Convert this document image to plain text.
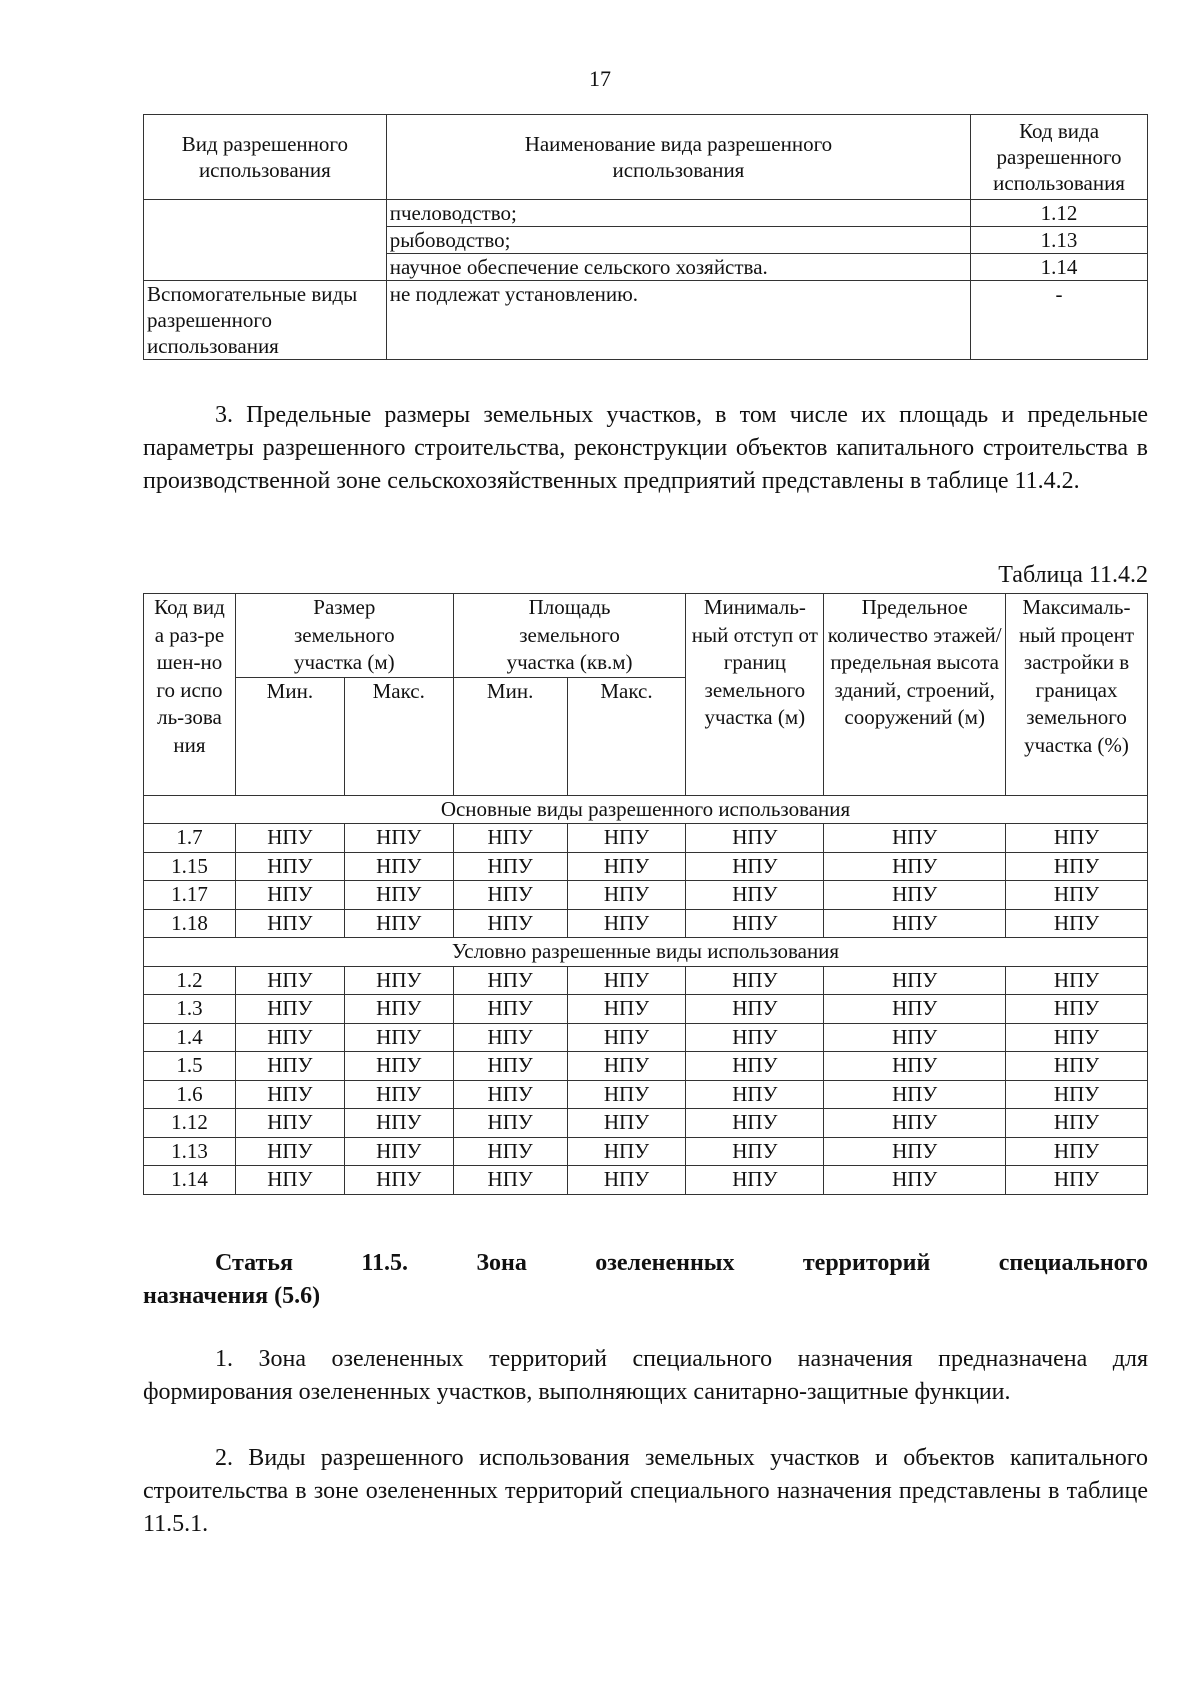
17
Вид разрешенного использования	Наименование вида разрешенного использования	Код вида разрешенного использования
	пчеловодство;	1.12
	рыбоводство;	1.13
	научное обеспечение сельского хозяйства.	1.14
Вспомогательные виды разрешенного использования	не подлежат установлению.	-

3. Предельные размеры земельных участков, в том числе их площадь и предельные параметры разрешенного строительства, реконструкции объектов капитального строительства в производственной зоне сельскохозяйственных предприятий представлены в таблице 11.4.2.

Таблица 11.4.2
Код вида раз-решен-ного исполь-зования	Размер земельного участка (м)		Площадь земельного участка (кв.м)		Минималь-ный отступ от границ земельного участка (м)	Предельное количество этажей/ предельная высота зданий, строений, сооружений (м)	Максималь-ный процент застройки в границах земельного участка (%)
	Мин.	Макс.	Мин.	Макс.			
Основные виды разрешенного использования							
1.7	НПУ	НПУ	НПУ	НПУ	НПУ	НПУ	НПУ
1.15	НПУ	НПУ	НПУ	НПУ	НПУ	НПУ	НПУ
1.17	НПУ	НПУ	НПУ	НПУ	НПУ	НПУ	НПУ
1.18	НПУ	НПУ	НПУ	НПУ	НПУ	НПУ	НПУ
Условно разрешенные виды использования							
1.2	НПУ	НПУ	НПУ	НПУ	НПУ	НПУ	НПУ
1.3	НПУ	НПУ	НПУ	НПУ	НПУ	НПУ	НПУ
1.4	НПУ	НПУ	НПУ	НПУ	НПУ	НПУ	НПУ
1.5	НПУ	НПУ	НПУ	НПУ	НПУ	НПУ	НПУ
1.6	НПУ	НПУ	НПУ	НПУ	НПУ	НПУ	НПУ
1.12	НПУ	НПУ	НПУ	НПУ	НПУ	НПУ	НПУ
1.13	НПУ	НПУ	НПУ	НПУ	НПУ	НПУ	НПУ
1.14	НПУ	НПУ	НПУ	НПУ	НПУ	НПУ	НПУ
Статья	11.5.	Зона	озелененных	территорий	специального
назначения (5.6)

1. Зона озелененных территорий специального назначения предназначена для формирования озелененных участков, выполняющих санитарно-защитные функции.

2. Виды разрешенного использования земельных участков и объектов капитального строительства в зоне озелененных территорий специального назначения представлены в таблице 11.5.1.
